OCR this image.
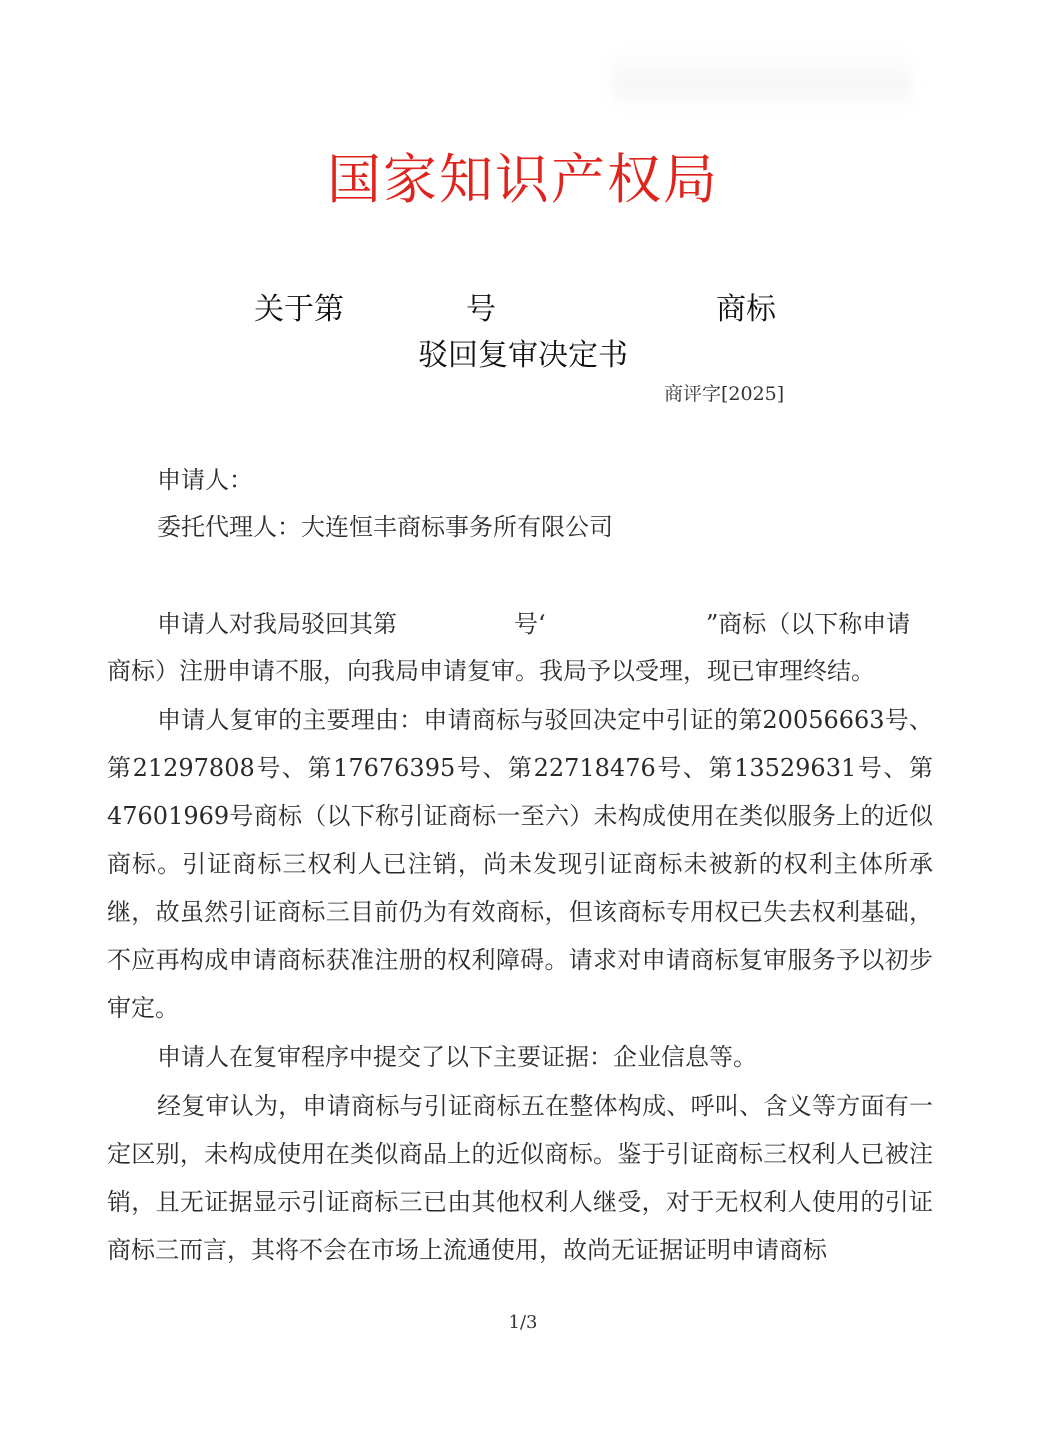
国家知识产权局
关于第	号	商标
驳回复审决定书
商评字[2025]
申请人：
委托代理人：大连恒丰商标事务所有限公司
申请人对我局驳回其第	号‘	”商标（以下称申请

商标）注册申请不服，向我局申请复审。我局予以受理，现已审理终结。

申请人复审的主要理由：申请商标与驳回决定中引证的第20056663号、第21297808号、第17676395号、第22718476号、第13529631号、第47601969号商标（以下称引证商标一至六）未构成使用在类似服务上的近似商标。引证商标三权利人已注销，尚未发现引证商标未被新的权利主体所承继，故虽然引证商标三目前仍为有效商标，但该商标专用权已失去权利基础，不应再构成申请商标获准注册的权利障碍。请求对申请商标复审服务予以初步审定。

申请人在复审程序中提交了以下主要证据：企业信息等。

经复审认为，申请商标与引证商标五在整体构成、呼叫、含义等方面有一定区别，未构成使用在类似商品上的近似商标。鉴于引证商标三权利人已被注销，且无证据显示引证商标三已由其他权利人继受，对于无权利人使用的引证商标三而言，其将不会在市场上流通使用，故尚无证据证明申请商标

1/3
